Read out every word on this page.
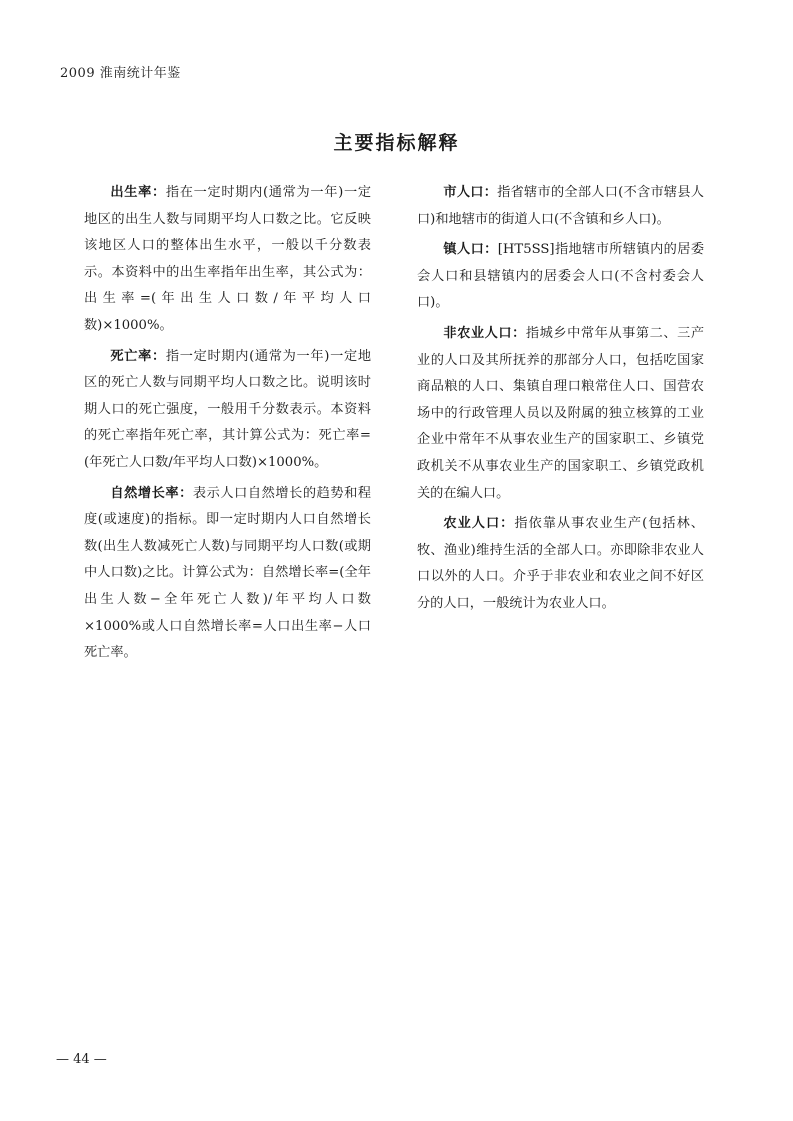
2009 淮南统计年鉴
主要指标解释

出生率：指在一定时期内(通常为一年)一定地区的出生人数与同期平均人口数之比。它反映该地区人口的整体出生水平，一般以千分数表示。本资料中的出生率指年出生率，其公式为：出生率=(年出生人口数/年平均人口数)×1000%。

死亡率：指一定时期内(通常为一年)一定地区的死亡人数与同期平均人口数之比。说明该时期人口的死亡强度，一般用千分数表示。本资料的死亡率指年死亡率，其计算公式为：死亡率=(年死亡人口数/年平均人口数)×1000%。

自然增长率：表示人口自然增长的趋势和程度(或速度)的指标。即一定时期内人口自然增长数(出生人数减死亡人数)与同期平均人口数(或期中人口数)之比。计算公式为：自然增长率=(全年出生人数−全年死亡人数)/年平均人口数×1000%或人口自然增长率=人口出生率−人口死亡率。

市人口：指省辖市的全部人口(不含市辖县人口)和地辖市的街道人口(不含镇和乡人口)。

镇人口：[HT5SS]指地辖市所辖镇内的居委会人口和县辖镇内的居委会人口(不含村委会人口)。

非农业人口：指城乡中常年从事第二、三产业的人口及其所抚养的那部分人口，包括吃国家商品粮的人口、集镇自理口粮常住人口、国营农场中的行政管理人员以及附属的独立核算的工业企业中常年不从事农业生产的国家职工、乡镇党政机关不从事农业生产的国家职工、乡镇党政机关的在编人口。

农业人口：指依靠从事农业生产(包括林、牧、渔业)维持生活的全部人口。亦即除非农业人口以外的人口。介乎于非农业和农业之间不好区分的人口，一般统计为农业人口。

— 44 —
